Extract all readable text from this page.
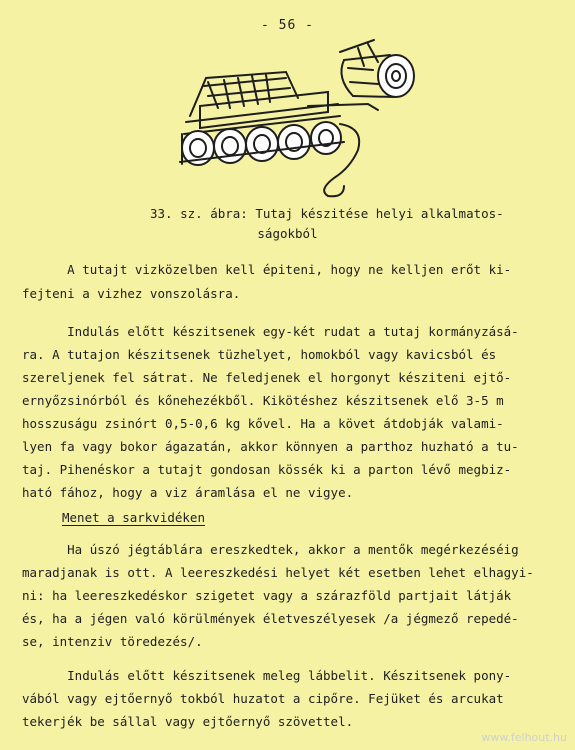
- 56 -
33. sz. ábra: Tutaj készitése helyi alkalmatos-
ságokból
A tutajt vizközelben kell épiteni, hogy ne kelljen erőt ki-
fejteni a vizhez vonszolásra.
Indulás előtt készitsenek egy-két rudat a tutaj kormányzásá-
ra. A tutajon készitsenek tüzhelyet, homokból vagy kavicsból és
szereljenek fel sátrat. Ne feledjenek el horgonyt késziteni ejtő-
ernyőzsinórból és kőnehezékből. Kikötéshez készitsenek elő 3-5 m
hosszuságu zsinórt 0,5-0,6 kg kővel. Ha a követ átdobják valami-
lyen fa vagy bokor ágazatán, akkor könnyen a parthoz huzható a tu-
taj. Pihenéskor a tutajt gondosan kössék ki a parton lévő megbiz-
ható fához, hogy a viz áramlása el ne vigye.
Menet a sarkvidéken
Ha úszó jégtáblára ereszkedtek, akkor a mentők megérkezéséig
maradjanak is ott. A leereszkedési helyet két esetben lehet elhagyi-
ni: ha leereszkedéskor szigetet vagy a szárazföld partjait látják
és, ha a jégen való körülmények életveszélyesek /a jégmező repedé-
se, intenziv töredezés/.
Indulás előtt készitsenek meleg lábbelit. Készitsenek pony-
vából vagy ejtőernyő tokból huzatot a cipőre. Fejüket és arcukat
tekerjék be sállal vagy ejtőernyő szövettel.
www.felhout.hu
